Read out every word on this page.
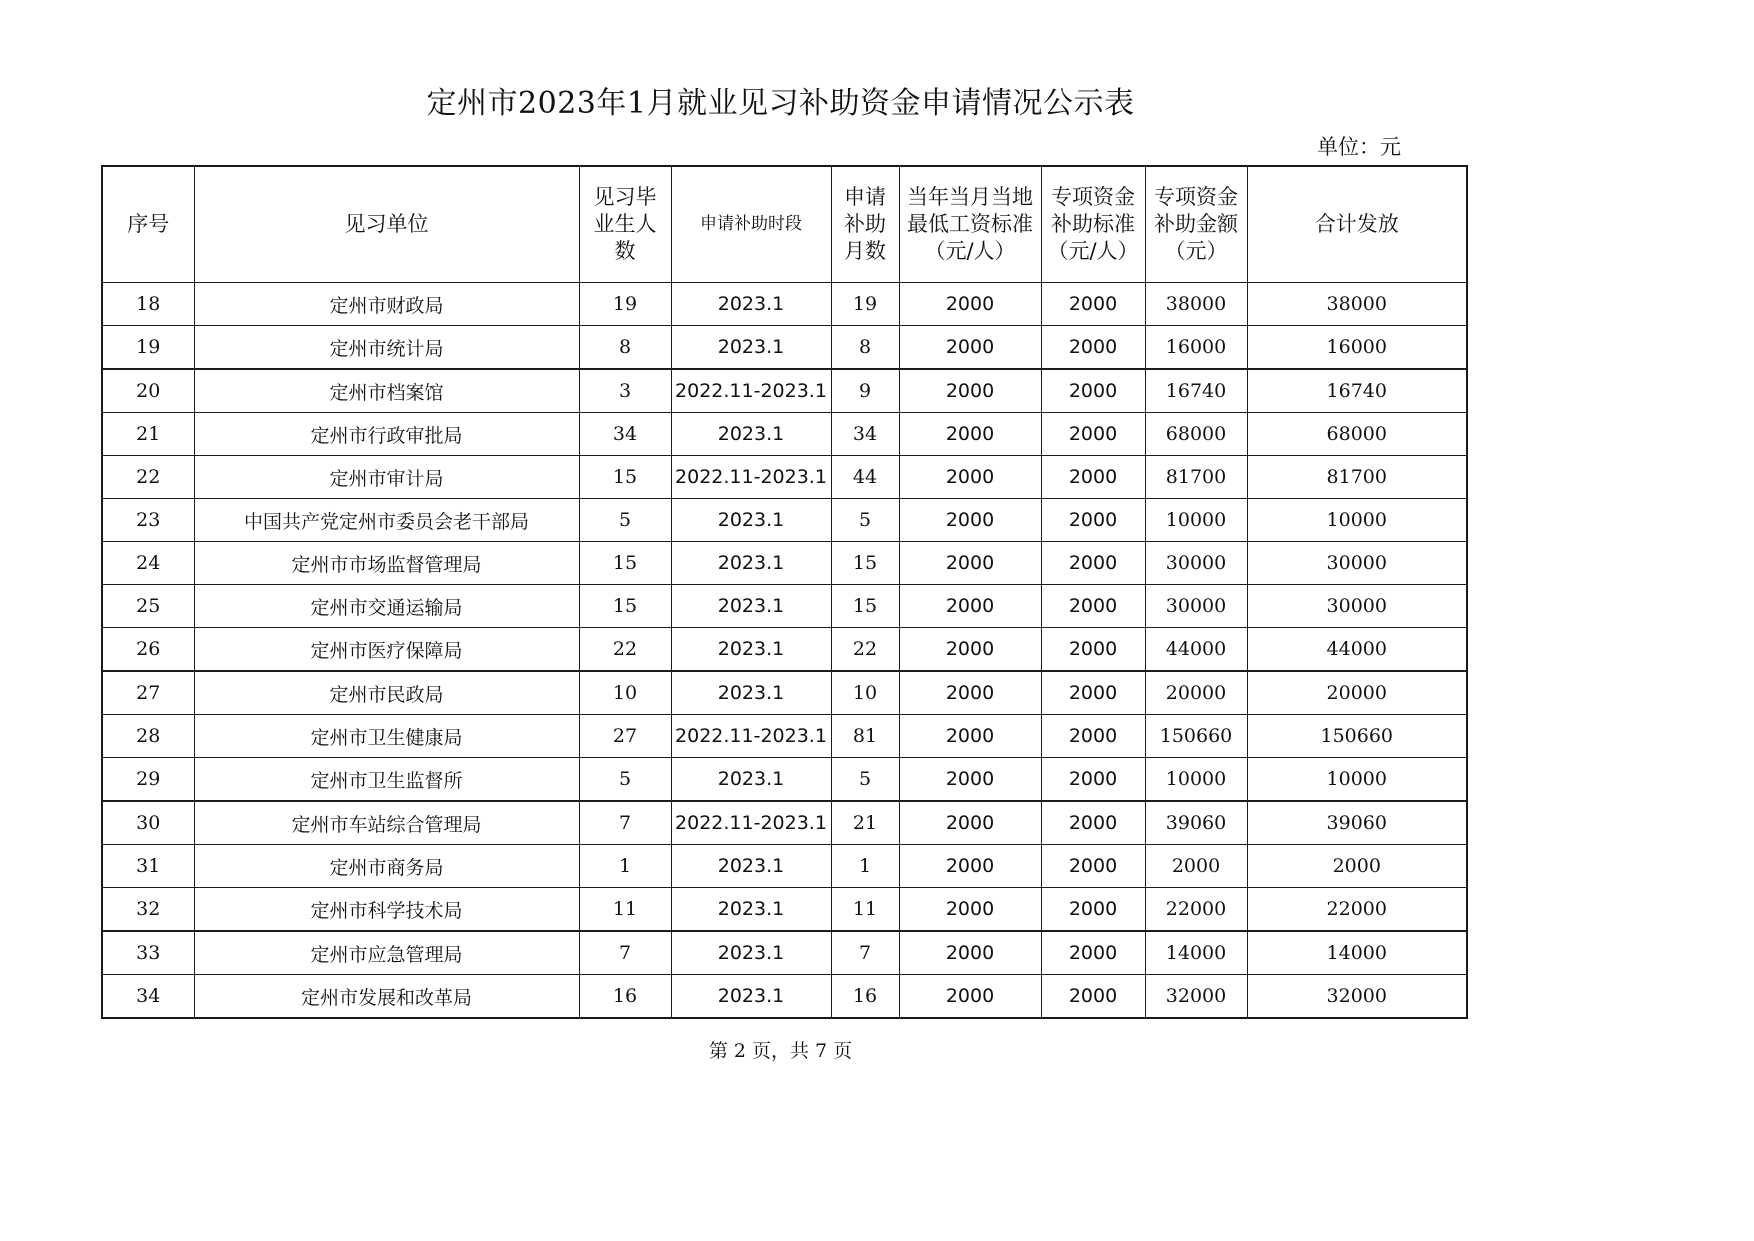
定州市2023年1月就业见习补助资金申请情况公示表
单位：元
序号	见习单位	见习毕业生人数	申请补助时段	申请补助月数	当年当月当地最低工资标准（元/人）	专项资金补助标准（元/人）	专项资金补助金额（元）	合计发放
18	定州市财政局	19	2023.1	19	2000	2000	38000	38000
19	定州市统计局	8	2023.1	8	2000	2000	16000	16000
20	定州市档案馆	3	2022.11-2023.1	9	2000	2000	16740	16740
21	定州市行政审批局	34	2023.1	34	2000	2000	68000	68000
22	定州市审计局	15	2022.11-2023.1	44	2000	2000	81700	81700
23	中国共产党定州市委员会老干部局	5	2023.1	5	2000	2000	10000	10000
24	定州市市场监督管理局	15	2023.1	15	2000	2000	30000	30000
25	定州市交通运输局	15	2023.1	15	2000	2000	30000	30000
26	定州市医疗保障局	22	2023.1	22	2000	2000	44000	44000
27	定州市民政局	10	2023.1	10	2000	2000	20000	20000
28	定州市卫生健康局	27	2022.11-2023.1	81	2000	2000	150660	150660
29	定州市卫生监督所	5	2023.1	5	2000	2000	10000	10000
30	定州市车站综合管理局	7	2022.11-2023.1	21	2000	2000	39060	39060
31	定州市商务局	1	2023.1	1	2000	2000	2000	2000
32	定州市科学技术局	11	2023.1	11	2000	2000	22000	22000
33	定州市应急管理局	7	2023.1	7	2000	2000	14000	14000
34	定州市发展和改革局	16	2023.1	16	2000	2000	32000	32000
第 2 页，共 7 页
